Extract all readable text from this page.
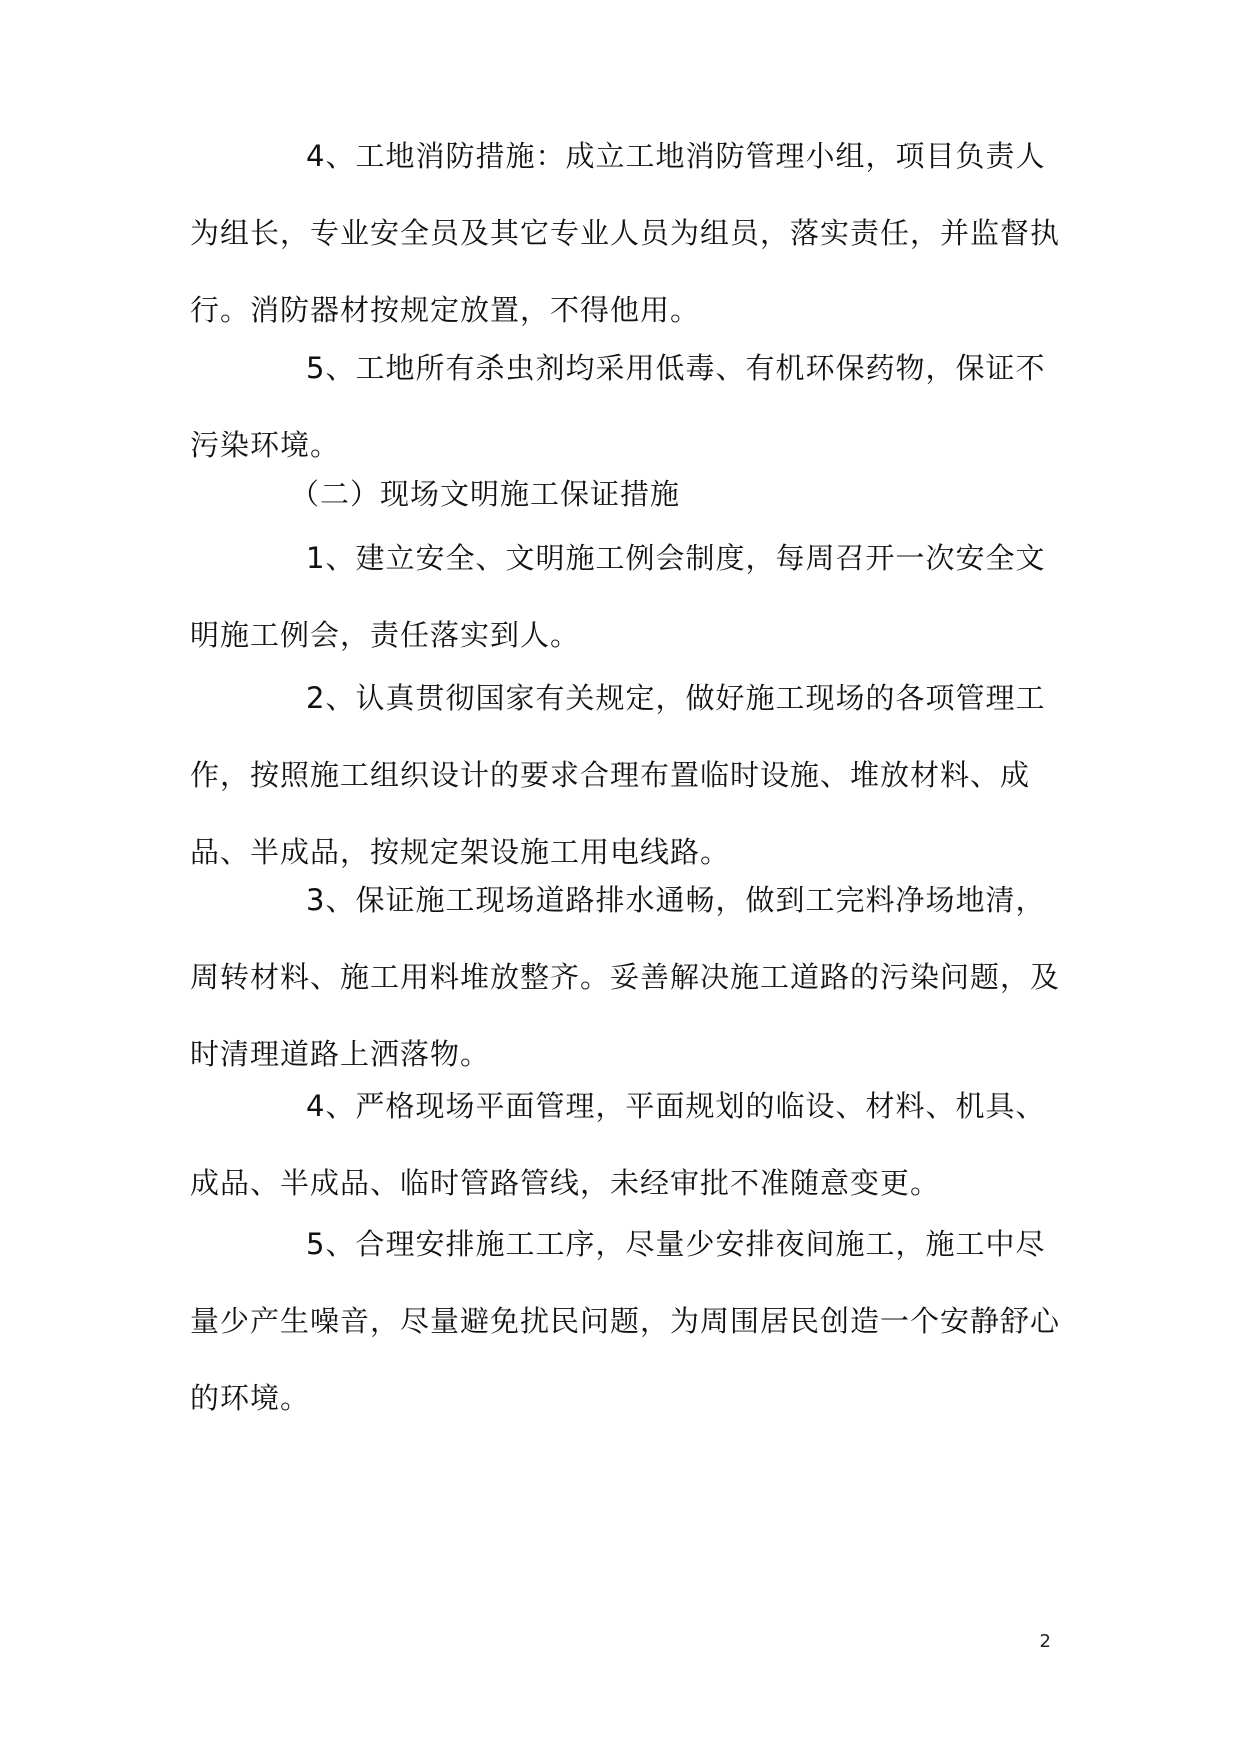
4、工地消防措施：成立工地消防管理小组，项目负责人为组长，专业安全员及其它专业人员为组员，落实责任，并监督执行。消防器材按规定放置，不得他用。

5、工地所有杀虫剂均采用低毒、有机环保药物，保证不污染环境。

（二）现场文明施工保证措施

1、建立安全、文明施工例会制度，每周召开一次安全文明施工例会，责任落实到人。

2、认真贯彻国家有关规定，做好施工现场的各项管理工作，按照施工组织设计的要求合理布置临时设施、堆放材料、成品、半成品，按规定架设施工用电线路。

3、保证施工现场道路排水通畅，做到工完料净场地清，周转材料、施工用料堆放整齐。妥善解决施工道路的污染问题，及时清理道路上洒落物。

4、严格现场平面管理，平面规划的临设、材料、机具、成品、半成品、临时管路管线，未经审批不准随意变更。

5、合理安排施工工序，尽量少安排夜间施工，施工中尽量少产生噪音，尽量避免扰民问题，为周围居民创造一个安静舒心的环境。

2
